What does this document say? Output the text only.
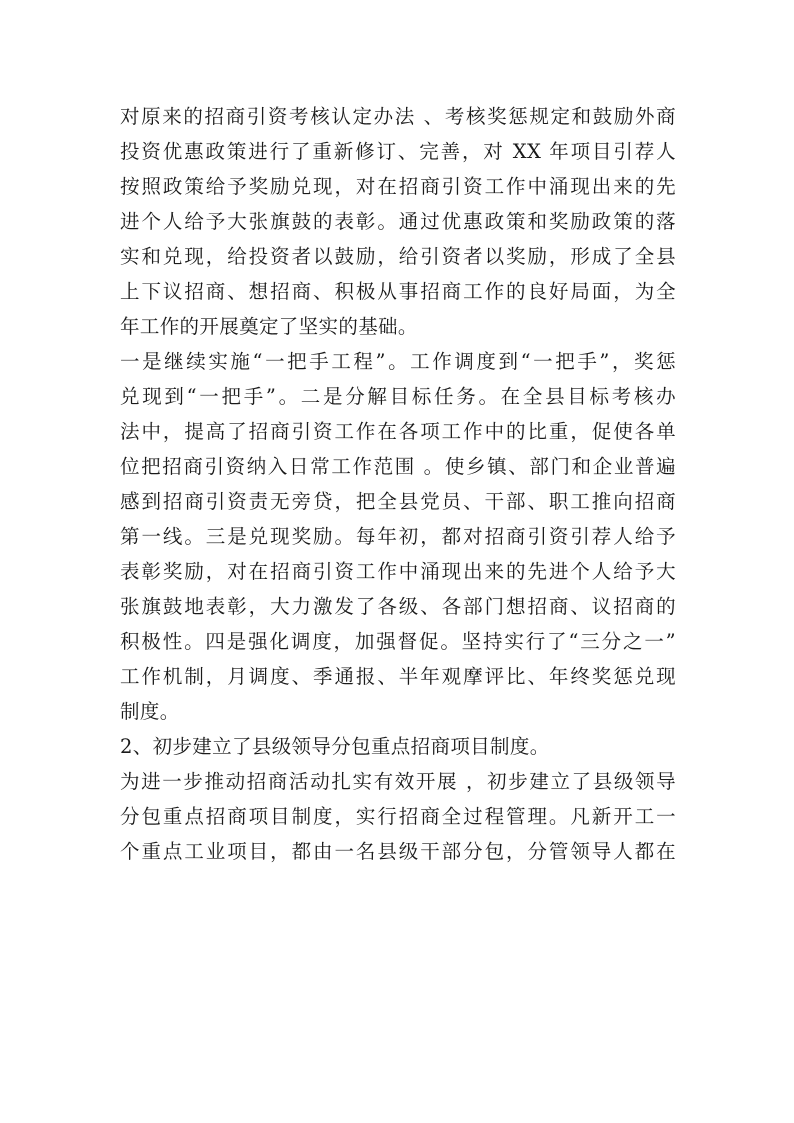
对原来的招商引资考核认定办法 、考核奖惩规定和鼓励外商
投资优惠政策进行了重新修订、完善，对 XX 年项目引荐人
按照政策给予奖励兑现，对在招商引资工作中涌现出来的先
进个人给予大张旗鼓的表彰。通过优惠政策和奖励政策的落
实和兑现，给投资者以鼓励，给引资者以奖励，形成了全县
上下议招商、想招商、积极从事招商工作的良好局面，为全
年工作的开展奠定了坚实的基础。
一是继续实施“一把手工程”。工作调度到“一把手”，奖惩
兑现到“一把手”。二是分解目标任务。在全县目标考核办
法中，提高了招商引资工作在各项工作中的比重，促使各单
位把招商引资纳入日常工作范围 。使乡镇、部门和企业普遍
感到招商引资责无旁贷，把全县党员、干部、职工推向招商
第一线。三是兑现奖励。每年初，都对招商引资引荐人给予
表彰奖励，对在招商引资工作中涌现出来的先进个人给予大
张旗鼓地表彰，大力激发了各级、各部门想招商、议招商的
积极性。四是强化调度，加强督促。坚持实行了“三分之一”
工作机制，月调度、季通报、半年观摩评比、年终奖惩兑现
制度。
2、初步建立了县级领导分包重点招商项目制度。
为进一步推动招商活动扎实有效开展 ，初步建立了县级领导
分包重点招商项目制度，实行招商全过程管理。凡新开工一
个重点工业项目，都由一名县级干部分包，分管领导人都在
